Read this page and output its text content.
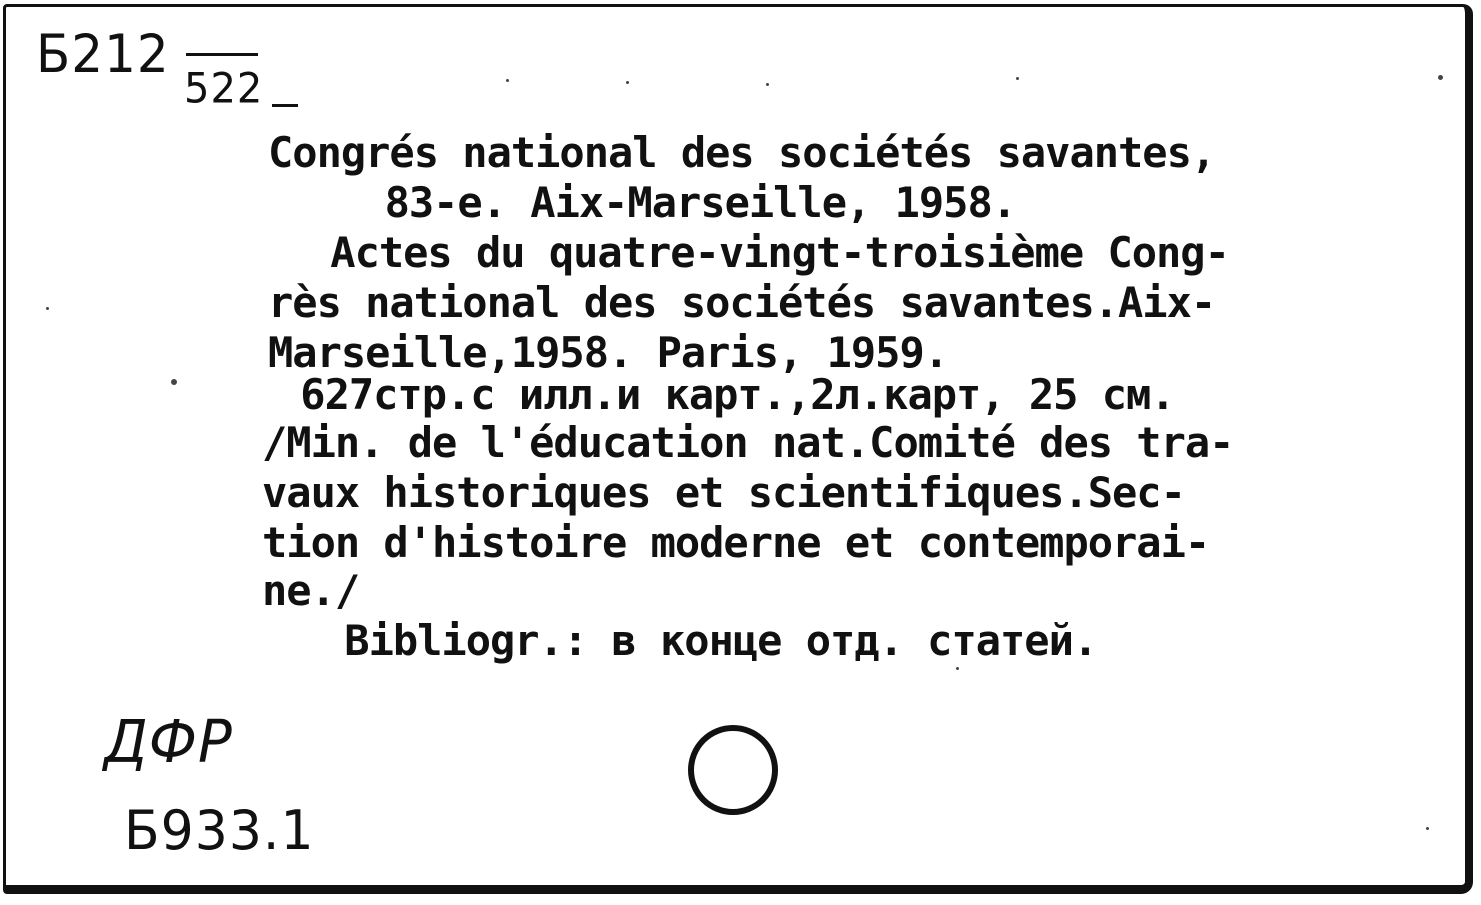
Б212
522
Congrés national des sociétés savantes,
83-e. Aix-Marseille, 1958.
Actes du quatre-vingt-troisième Cong-
rès national des sociétés savantes.Aix-
Marseille,1958. Paris, 1959.
627стр.с илл.и карт.,2л.карт, 25 см.
/Min. de l'éducation nat.Comité des tra-
vaux historiques et scientifiques.Sec-
tion d'histoire moderne et contemporai-
ne./
Bibliogr.: в конце отд. статей.
ДФР
Б933.1
